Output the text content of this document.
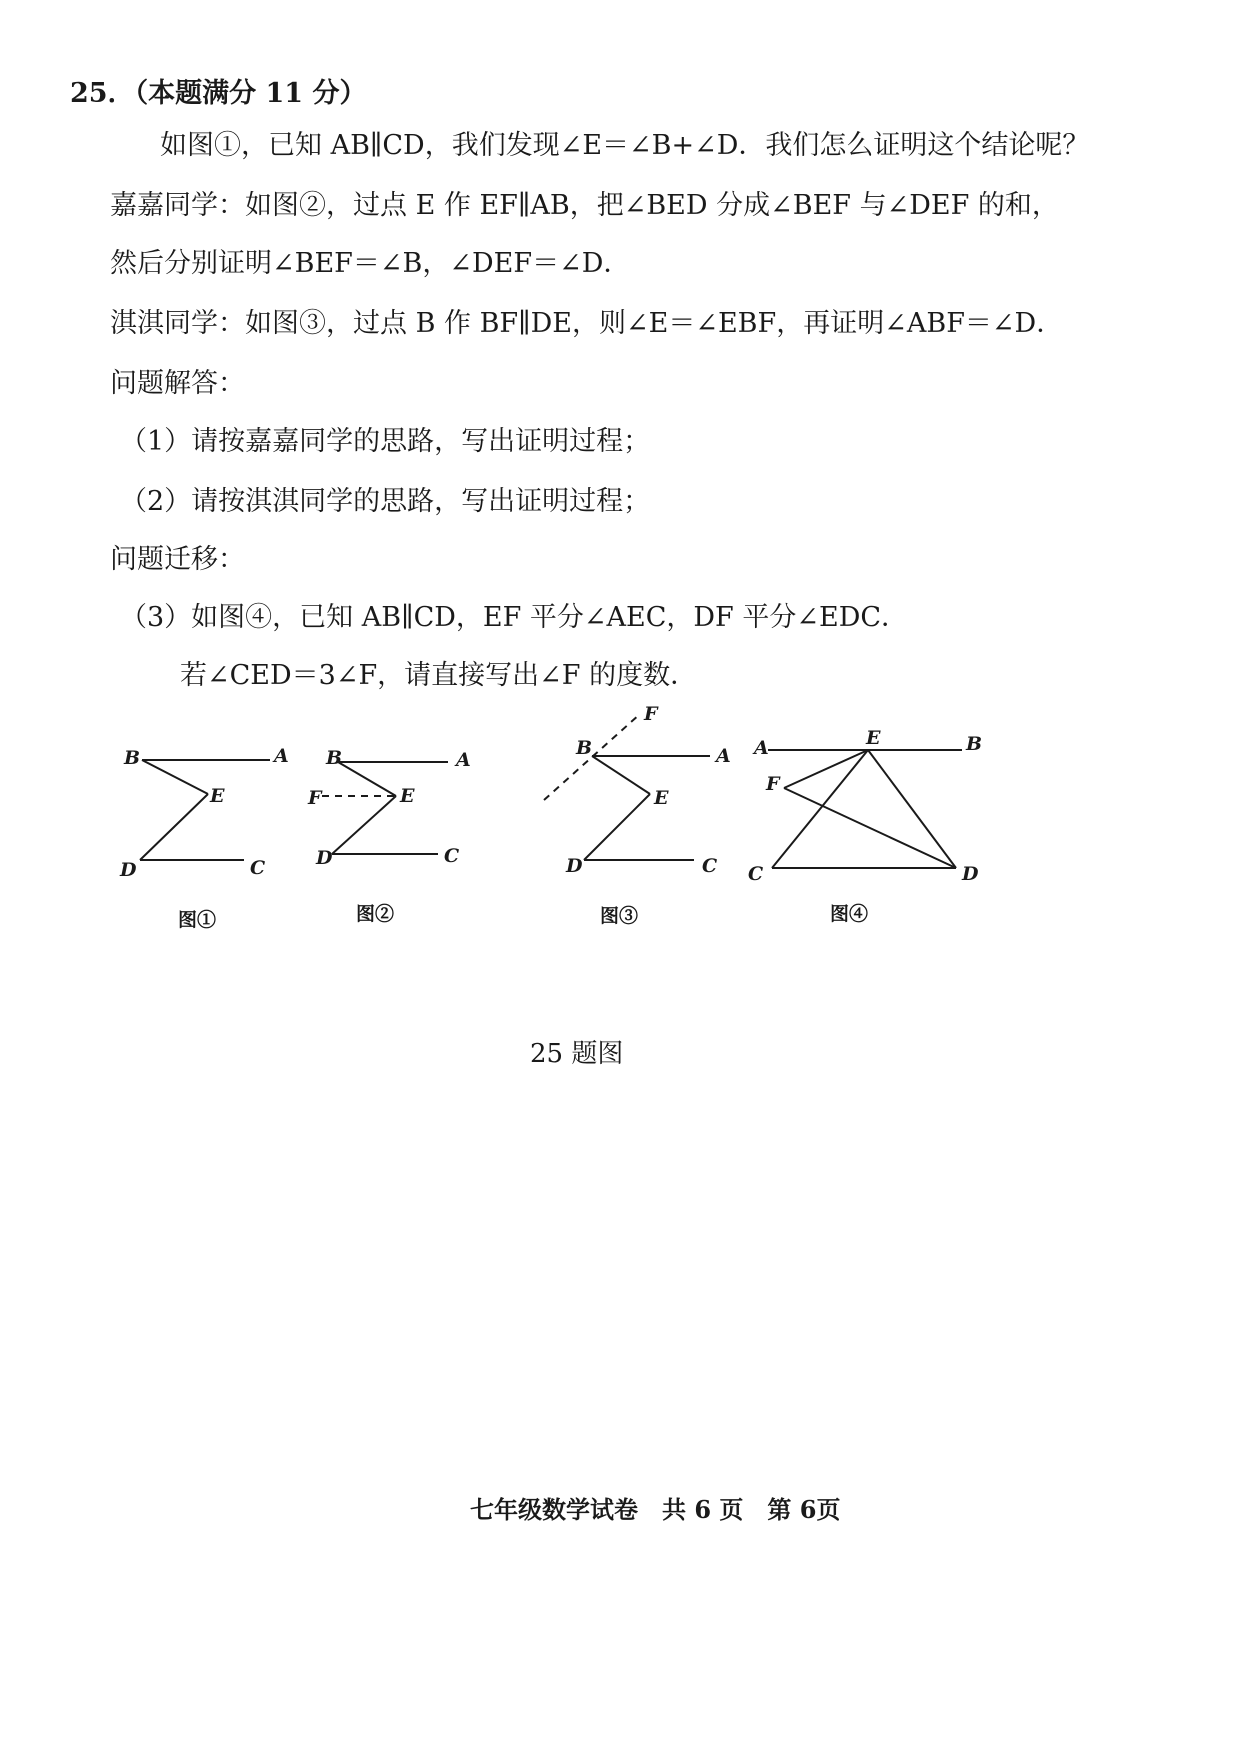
25．（本题满分 11 分）
如图①，已知 AB∥CD，我们发现∠E＝∠B+∠D．我们怎么证明这个结论呢？
嘉嘉同学：如图②，过点 E 作 EF∥AB，把∠BED 分成∠BEF 与∠DEF 的和，
然后分别证明∠BEF＝∠B，∠DEF＝∠D．
淇淇同学：如图③，过点 B 作 BF∥DE，则∠E＝∠EBF，再证明∠ABF＝∠D．
问题解答：
（1）请按嘉嘉同学的思路，写出证明过程；
（2）请按淇淇同学的思路，写出证明过程；
问题迁移：
（3）如图④，已知 AB∥CD，EF 平分∠AEC，DF 平分∠EDC．
若∠CED＝3∠F，请直接写出∠F 的度数．
B	A
E
D	C
图①
B	A
F	E
D	C
图②
F
B	A
E
D	C
图③
A	E	B
F
C	D
图④
25 题图
七年级数学试卷　共 6 页　第 6页
